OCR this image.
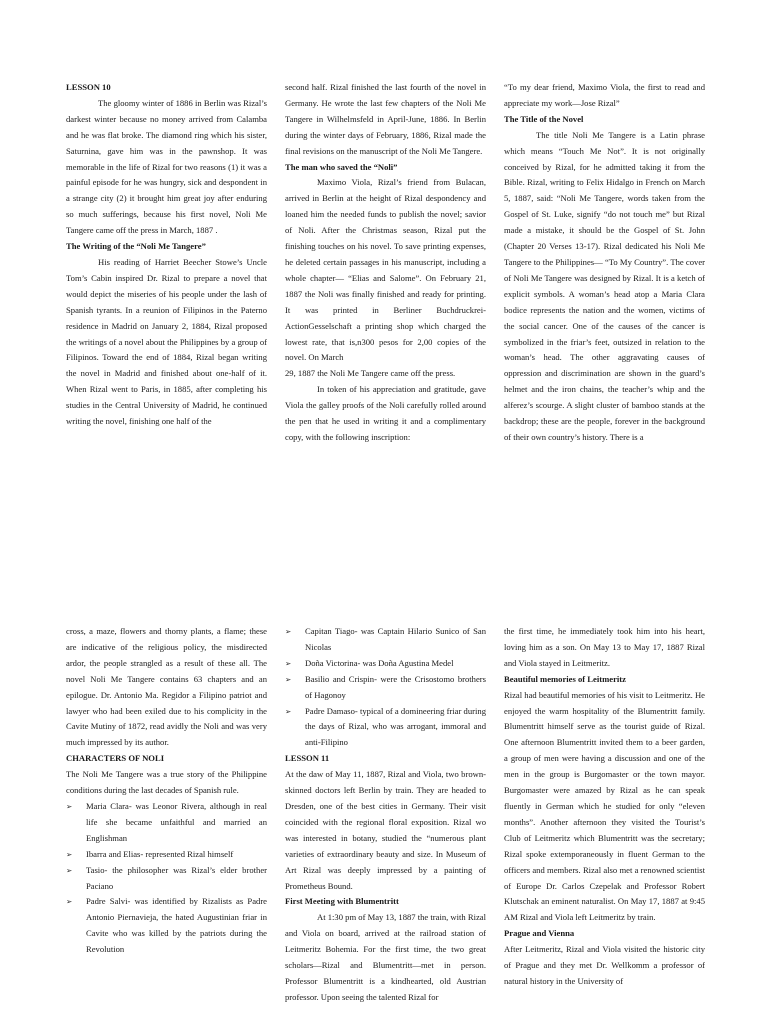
LESSON 10

The gloomy winter of 1886 in Berlin was Rizal’s darkest winter because no money arrived from Calamba and he was flat broke. The diamond ring which his sister, Saturnina, gave him was in the pawnshop. It was memorable in the life of Rizal for two reasons (1) it was a painful episode for he was hungry, sick and despondent in a strange city (2) it brought him great joy after enduring so much sufferings, because his first novel, Noli Me Tangere came off the press in March, 1887 .

The Writing of the “Noli Me Tangere”

His reading of Harriet Beecher Stowe’s Uncle Tom’s Cabin inspired Dr. Rizal to prepare a novel that would depict the miseries of his people under the lash of Spanish tyrants. In a reunion of Filipinos in the Paterno residence in Madrid on January 2, 1884, Rizal proposed the writings of a novel about the Philippines by a group of Filipinos. Toward the end of 1884, Rizal began writing the novel in Madrid and finished about one-half of it. When Rizal went to Paris, in 1885, after completing his studies in the Central University of Madrid, he continued writing the novel, finishing one half of the

second half. Rizal finished the last fourth of the novel in Germany. He wrote the last few chapters of the Noli Me Tangere in Wilhelmsfeld in April-June, 1886. In Berlin during the winter days of February, 1886, Rizal made the final revisions on the manuscript of the Noli Me Tangere.

The man who saved the “Noli”

Maximo Viola, Rizal’s friend from Bulacan, arrived in Berlin at the height of Rizal despondency and loaned him the needed funds to publish the novel; savior of Noli. After the Christmas season, Rizal put the finishing touches on his novel. To save printing expenses, he deleted certain passages in his manuscript, including a whole chapter— “Elias and Salome”. On February 21, 1887 the Noli was finally finished and ready for printing. It was printed in Berliner Buchdruckrei-ActionGesselschaft a printing shop which charged the lowest rate, that is,n300 pesos for 2,00 copies of the novel. On March

29, 1887 the Noli Me Tangere came off the press.

In token of his appreciation and gratitude, gave Viola the galley proofs of the Noli carefully rolled around the pen that he used in writing it and a complimentary copy, with the following inscription:

“To my dear friend, Maximo Viola, the first to read and appreciate my work—Jose Rizal”

The Title of the Novel

The title Noli Me Tangere is a Latin phrase which means “Touch Me Not”. It is not originally conceived by Rizal, for he admitted taking it from the Bible. Rizal, writing to Felix Hidalgo in French on March 5, 1887, said: “Noli Me Tangere, words taken from the Gospel of St. Luke, signify “do not touch me” but Rizal made a mistake, it should be the Gospel of St. John (Chapter 20 Verses 13-17). Rizal dedicated his Noli Me Tangere to the Philippines— “To My Country”. The cover of Noli Me Tangere was designed by Rizal. It is a ketch of explicit symbols. A woman’s head atop a Maria Clara bodice represents the nation and the women, victims of the social cancer. One of the causes of the cancer is symbolized in the friar’s feet, outsized in relation to the woman’s head. The other aggravating causes of oppression and discrimination are shown in the guard’s helmet and the iron chains, the teacher’s whip and the alferez’s scourge. A slight cluster of bamboo stands at the backdrop; these are the people, forever in the background of their own country’s history. There is a

cross, a maze, flowers and thorny plants, a flame; these are indicative of the religious policy, the misdirected ardor, the people strangled as a result of these all. The novel Noli Me Tangere contains 63 chapters and an epilogue. Dr. Antonio Ma. Regidor a Filipino patriot and lawyer who had been exiled due to his complicity in the Cavite Mutiny of 1872, read avidly the Noli and was very much impressed by its author.

CHARACTERS OF NOLI

The Noli Me Tangere was a true story of the Philippine conditions during the last decades of Spanish rule.

➢ Maria Clara- was Leonor Rivera, although in real life she became unfaithful and married an Englishman
➢ Ibarra and Elias- represented Rizal himself
➢ Tasio- the philosopher was Rizal’s elder brother Paciano
➢ Padre Salvi- was identified by Rizalists as Padre Antonio Piernavieja, the hated Augustinian friar in Cavite who was killed by the patriots during the Revolution
➢ Capitan Tiago- was Captain Hilario Sunico of San Nicolas
➢ Doña Victorina- was Doña Agustina Medel
➢ Basilio and Crispin- were the Crisostomo brothers of Hagonoy
➢ Padre Damaso- typical of a domineering friar during the days of Rizal, who was arrogant, immoral and anti-Filipino

LESSON 11

At the daw of May 11, 1887, Rizal and Viola, two brown-skinned doctors left Berlin by train. They are headed to Dresden, one of the best cities in Germany. Their visit coincided with the regional floral exposition. Rizal wo was interested in botany, studied the “numerous plant varieties of extraordinary beauty and size. In Museum of Art Rizal was deeply impressed by a painting of Prometheus Bound.

First Meeting with Blumentritt

At 1:30 pm of May 13, 1887 the train, with Rizal and Viola on board, arrived at the railroad station of Leitmeritz Bohemia. For the first time, the two great scholars—Rizal and Blumentritt—met in person. Professor Blumentritt is a kindhearted, old Austrian professor. Upon seeing the talented Rizal for

the first time, he immediately took him into his heart, loving him as a son. On May 13 to May 17, 1887 Rizal and Viola stayed in Leitmeritz.

Beautiful memories of Leitmeritz

Rizal had beautiful memories of his visit to Leitmeritz. He enjoyed the warm hospitality of the Blumentritt family. Blumentritt himself serve as the tourist guide of Rizal. One afternoon Blumentritt invited them to a beer garden, a group of men were having a discussion and one of the men in the group is Burgomaster or the town mayor. Burgomaster were amazed by Rizal as he can speak fluently in German which he studied for only “eleven months”. Another afternoon they visited the Tourist’s Club of Leitmeritz which Blumentritt was the secretary; Rizal spoke extemporaneously in fluent German to the officers and members. Rizal also met a renowned scientist of Europe Dr. Carlos Czepelak and Professor Robert Klutschak an eminent naturalist. On May 17, 1887 at 9:45 AM Rizal and Viola left Leitmeritz by train.

Prague and Vienna

After Leitmeritz, Rizal and Viola visited the historic city of Prague and they met Dr. Wellkomm a professor of natural history in the University of
